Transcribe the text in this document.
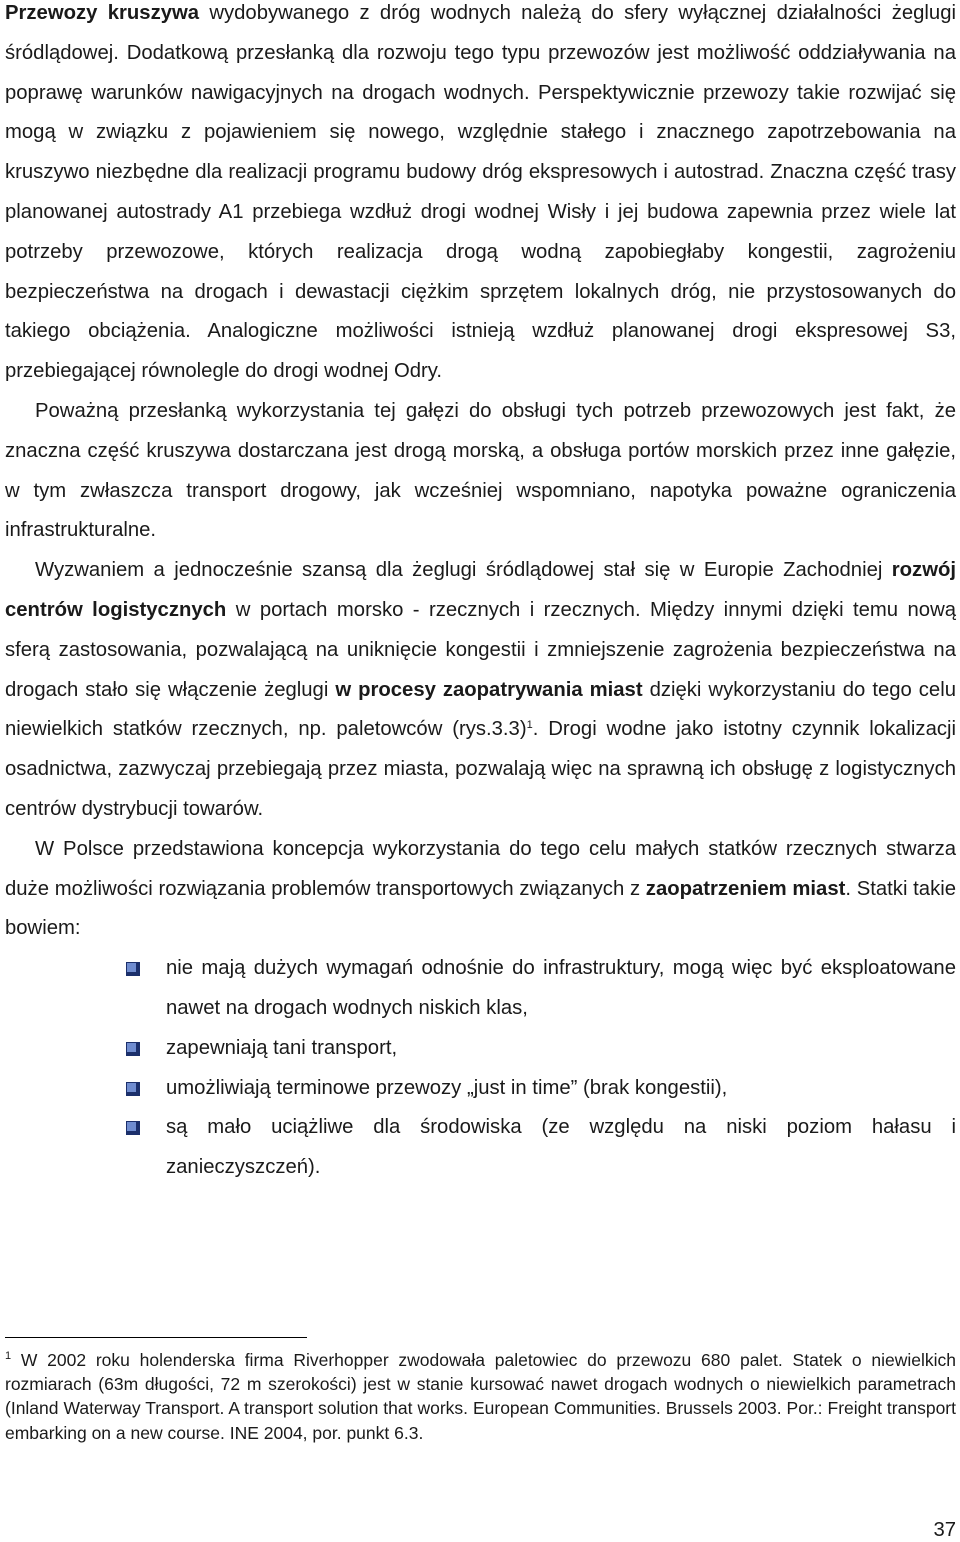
Przewozy kruszywa wydobywanego z dróg wodnych należą do sfery wyłącznej działalności żeglugi śródlądowej. Dodatkową przesłanką dla rozwoju tego typu przewozów jest możliwość oddziaływania na poprawę warunków nawigacyjnych na drogach wodnych. Perspektywicznie przewozy takie rozwijać się mogą w związku z pojawieniem się nowego, względnie stałego i znacznego zapotrzebowania na kruszywo niezbędne dla realizacji programu budowy dróg ekspresowych i autostrad. Znaczna część trasy planowanej autostrady A1 przebiega wzdłuż drogi wodnej Wisły i jej budowa zapewnia przez wiele lat potrzeby przewozowe, których realizacja drogą wodną zapobiegłaby kongestii, zagrożeniu bezpieczeństwa na drogach i dewastacji ciężkim sprzętem lokalnych dróg, nie przystosowanych do takiego obciążenia. Analogiczne możliwości istnieją wzdłuż planowanej drogi ekspresowej S3, przebiegającej równolegle do drogi wodnej Odry.

Poważną przesłanką wykorzystania tej gałęzi do obsługi tych potrzeb przewozowych jest fakt, że znaczna część kruszywa dostarczana jest drogą morską, a obsługa portów morskich przez inne gałęzie, w tym zwłaszcza transport drogowy, jak wcześniej wspomniano, napotyka poważne ograniczenia infrastrukturalne.

Wyzwaniem a jednocześnie szansą dla żeglugi śródlądowej stał się w Europie Zachodniej rozwój centrów logistycznych w portach morsko - rzecznych i rzecznych. Między innymi dzięki temu nową sferą zastosowania, pozwalającą na uniknięcie kongestii i zmniejszenie zagrożenia bezpieczeństwa na drogach stało się włączenie żeglugi w procesy zaopatrywania miast dzięki wykorzystaniu do tego celu niewielkich statków rzecznych, np. paletowców $(rys.3.3)^1$. Drogi wodne jako istotny czynnik lokalizacji osadnictwa, zazwyczaj przebiegają przez miasta, pozwalają więc na sprawną ich obsługę z logistycznych centrów dystrybucji towarów.

W Polsce przedstawiona koncepcja wykorzystania do tego celu małych statków rzecznych stwarza duże możliwości rozwiązania problemów transportowych związanych z zaopatrzeniem miast. Statki takie bowiem:

nie mają dużych wymagań odnośnie do infrastruktury, mogą więc być eksploatowane nawet na drogach wodnych niskich klas,
zapewniają tani transport,
umożliwiają terminowe przewozy „just in time” (brak kongestii),
są mało uciążliwe dla środowiska (ze względu na niski poziom hałasu i zanieczyszczeń).

$^1$ W 2002 roku holenderska firma Riverhopper zwodowała paletowiec do przewozu 680 palet. Statek o niewielkich rozmiarach (63m długości, 72 m szerokości) jest w stanie kursować nawet drogach wodnych o niewielkich parametrach (Inland Waterway Transport. A transport solution that works. European Communities. Brussels 2003. Por.: Freight transport embarking on a new course. INE 2004, por. punkt 6.3.

37
